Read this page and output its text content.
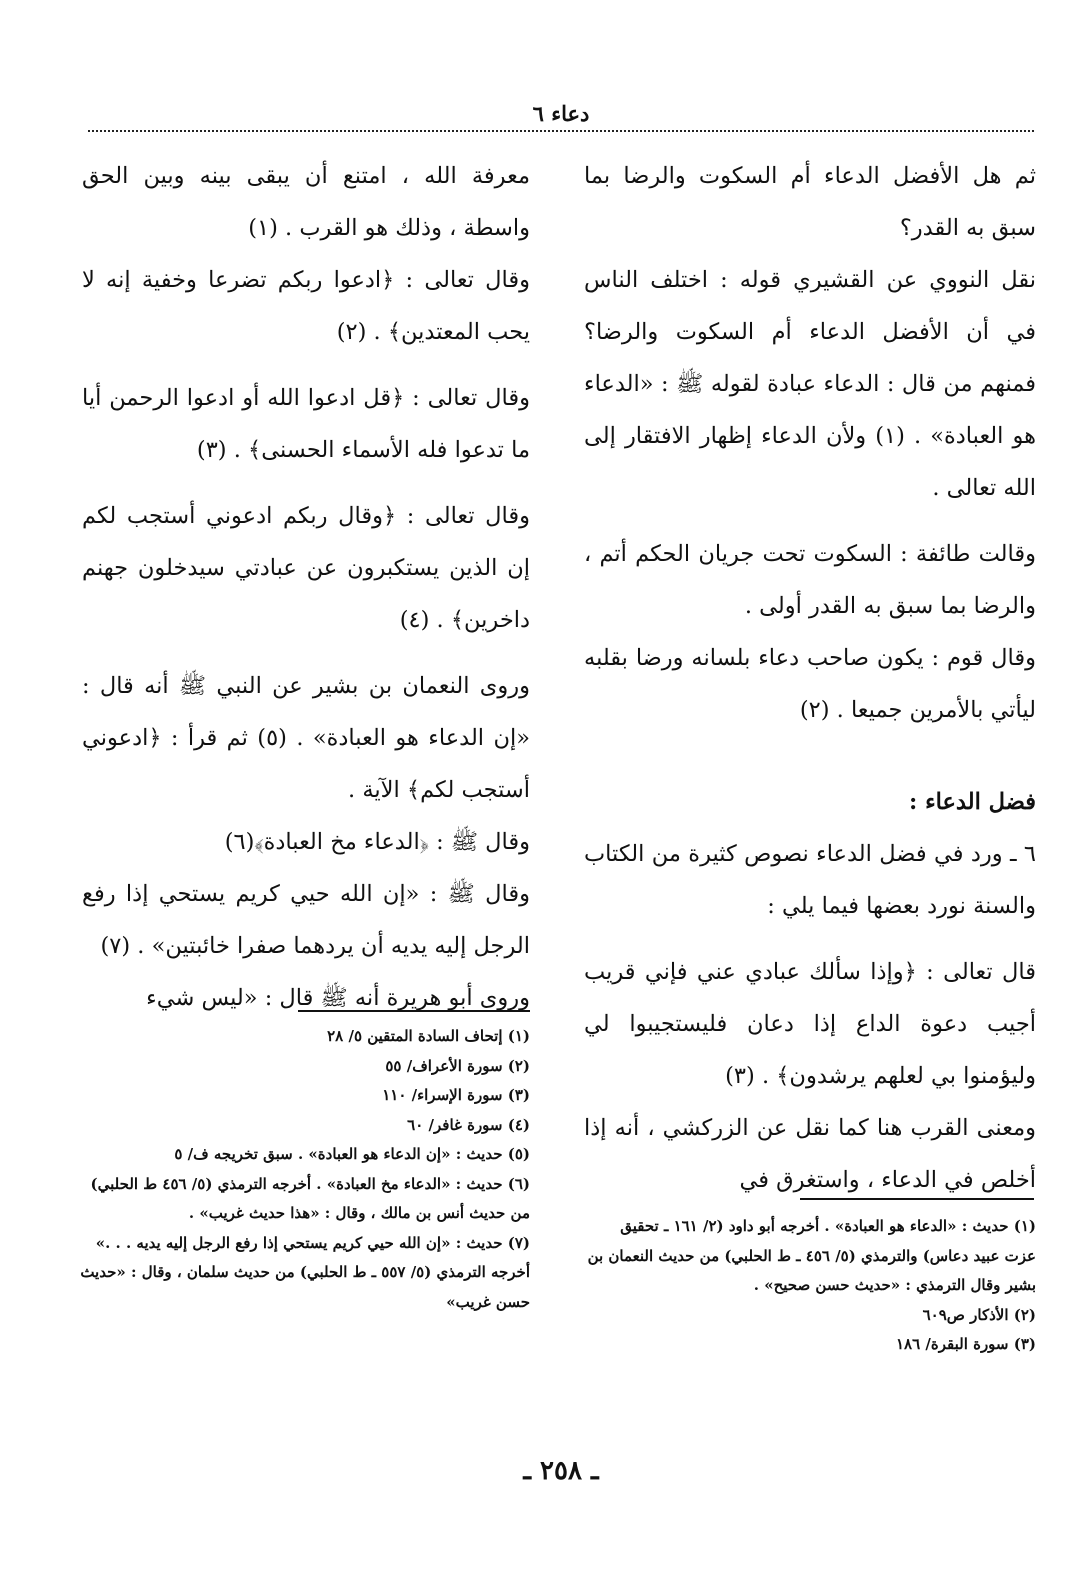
دعاء ٦

ثم هل الأفضل الدعاء أم السكوت والرضا بما سبق به القدر؟

نقل النووي عن القشيري قوله : اختلف الناس في أن الأفضل الدعاء أم السكوت والرضا؟ فمنهم من قال : الدعاء عبادة لقوله ﷺ : «الدعاء هو العبادة» . (١) ولأن الدعاء إظهار الافتقار إلى الله تعالى .

وقالت طائفة : السكوت تحت جريان الحكم أتم ، والرضا بما سبق به القدر أولى .

وقال قوم : يكون صاحب دعاء بلسانه ورضا بقلبه ليأتي بالأمرين جميعا . (٢)

فضل الدعاء :

٦ ـ ورد في فضل الدعاء نصوص كثيرة من الكتاب والسنة نورد بعضها فيما يلي :

قال تعالى : ﴿وإذا سألك عبادي عني فإني قريب أجيب دعوة الداع إذا دعان فليستجيبوا لي وليؤمنوا بي لعلهم يرشدون﴾ . (٣)

ومعنى القرب هنا كما نقل عن الزركشي ، أنه إذا أخلص في الدعاء ، واستغرق في

معرفة الله ، امتنع أن يبقى بينه وبين الحق واسطة ، وذلك هو القرب . (١)

وقال تعالى : ﴿ادعوا ربكم تضرعا وخفية إنه لا يحب المعتدين﴾ . (٢)

وقال تعالى : ﴿قل ادعوا الله أو ادعوا الرحمن أيا ما تدعوا فله الأسماء الحسنى﴾ . (٣)

وقال تعالى : ﴿وقال ربكم ادعوني أستجب لكم إن الذين يستكبرون عن عبادتي سيدخلون جهنم داخرين﴾ . (٤)

وروى النعمان بن بشير عن النبي ﷺ أنه قال : «إن الدعاء هو العبادة» . (٥) ثم قرأ : ﴿ادعوني أستجب لكم﴾ الآية .

وقال ﷺ : ﴿الدعاء مخ العبادة﴾(٦)

وقال ﷺ : «إن الله حيي كريم يستحي إذا رفع الرجل إليه يديه أن يردهما صفرا خائبتين» . (٧)

وروى أبو هريرة أنه ﷺ قال : «ليس شيء

(١) حديث : «الدعاء هو العبادة» . أخرجه أبو داود (٢/ ١٦١ ـ تحقيق عزت عبيد دعاس) والترمذي (٥/ ٤٥٦ ـ ط الحلبي) من حديث النعمان بن بشير وقال الترمذي : «حديث حسن صحيح» .

(٢) الأذكار ص٦٠٩

(٣) سورة البقرة/ ١٨٦

(١) إتحاف السادة المتقين ٥/ ٢٨

(٢) سورة الأعراف/ ٥٥

(٣) سورة الإسراء/ ١١٠

(٤) سورة غافر/ ٦٠

(٥) حديث : «إن الدعاء هو العبادة» . سبق تخريجه ف/ ٥

(٦) حديث : «الدعاء مخ العبادة» . أخرجه الترمذي (٥/ ٤٥٦ ط الحلبي) من حديث أنس بن مالك ، وقال : «هذا حديث غريب» .

(٧) حديث : «إن الله حيي كريم يستحي إذا رفع الرجل إليه يديه . . .» أخرجه الترمذي (٥/ ٥٥٧ ـ ط الحلبي) من حديث سلمان ، وقال : «حديث حسن غريب»

ـ ٢٥٨ ـ
